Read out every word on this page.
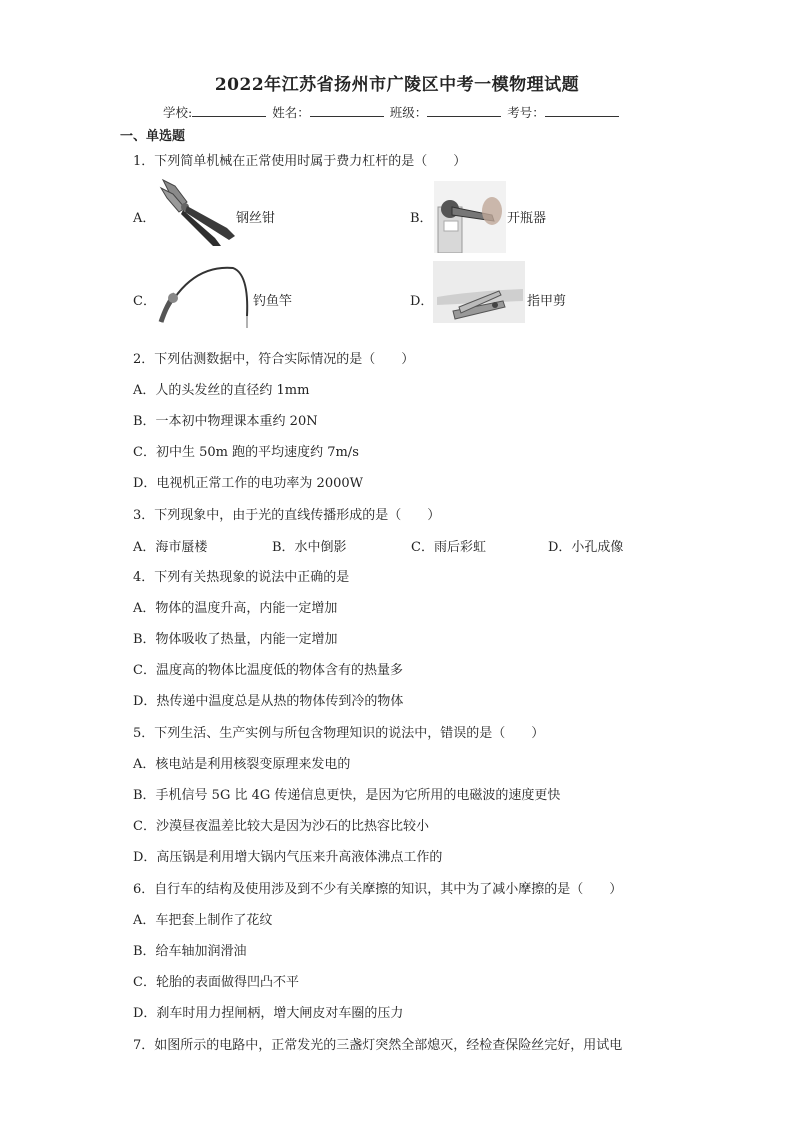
2022年江苏省扬州市广陵区中考一模物理试题
学校:	姓名：	班级：	考号：
一、单选题
1．下列简单机械在正常使用时属于费力杠杆的是（　　）
A．	钢丝钳	B．	开瓶器
C．	钓鱼竿	D．	指甲剪
2．下列估测数据中，符合实际情况的是（　　）
A．人的头发丝的直径约 1mm
B．一本初中物理课本重约 20N
C．初中生 50m 跑的平均速度约 7m/s
D．电视机正常工作的电功率为 2000W
3．下列现象中，由于光的直线传播形成的是（　　）
A．海市蜃楼	B．水中倒影	C．雨后彩虹	D．小孔成像
4．下列有关热现象的说法中正确的是
A．物体的温度升高，内能一定增加
B．物体吸收了热量，内能一定增加
C．温度高的物体比温度低的物体含有的热量多
D．热传递中温度总是从热的物体传到冷的物体
5．下列生活、生产实例与所包含物理知识的说法中，错误的是（　　）
A．核电站是利用核裂变原理来发电的
B．手机信号 5G 比 4G 传递信息更快，是因为它所用的电磁波的速度更快
C．沙漠昼夜温差比较大是因为沙石的比热容比较小
D．高压锅是利用增大锅内气压来升高液体沸点工作的
6．自行车的结构及使用涉及到不少有关摩擦的知识，其中为了减小摩擦的是（　　）
A．车把套上制作了花纹
B．给车轴加润滑油
C．轮胎的表面做得凹凸不平
D．刹车时用力捏闸柄，增大闸皮对车圈的压力
7．如图所示的电路中，正常发光的三盏灯突然全部熄灭，经检查保险丝完好，用试电
